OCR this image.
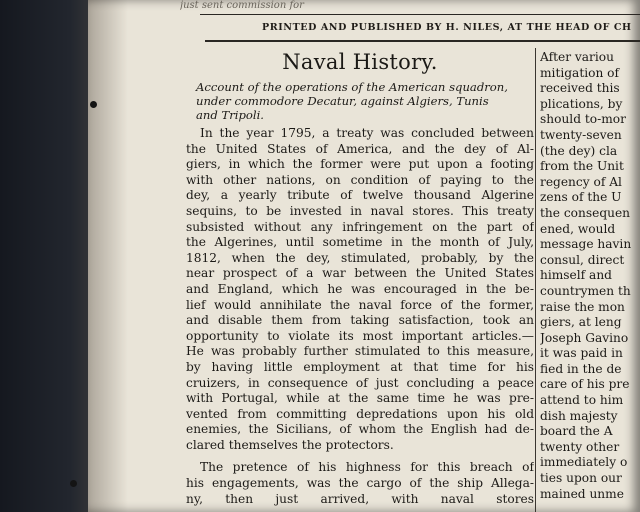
just sent commission for
PRINTED AND PUBLISHED BY H. NILES, AT THE HEAD OF CH
Naval History.
Account of the operations of the American squadron,
under commodore Decatur, against Algiers, Tunis
and Tripoli.
In the year 1795, a treaty was concluded between
the United States of America, and the dey of Al-
giers, in which the former were put upon a footing
with other nations, on condition of paying to the
dey, a yearly tribute of twelve thousand Algerine
sequins, to be invested in naval stores. This treaty
subsisted without any infringement on the part of
the Algerines, until sometime in the month of July,
1812, when the dey, stimulated, probably, by the
near prospect of a war between the United States
and England, which he was encouraged in the be-
lief would annihilate the naval force of the former,
and disable them from taking satisfaction, took an
opportunity to violate its most important articles.—
He was probably further stimulated to this measure,
by having little employment at that time for his
cruizers, in consequence of just concluding a peace
with Portugal, while at the same time he was pre-
vented from committing depredations upon his old
enemies, the Sicilians, of whom the English had de-
clared themselves the protectors.
The pretence of his highness for this breach of
his engagements, was the cargo of the ship Allega-
ny, then just arrived, with naval stores
After variou
mitigation of
received this
plications, by
should to-mor
twenty-seven
(the dey) cla
from the Unit
regency of Al
zens of the U
the consequen
ened, would
message havin
consul, direct
himself and
countrymen th
raise the mon
giers, at leng
Joseph Gavino
it was paid in
fied in the de
care of his pre
attend to him
dish majesty
board the A
twenty other
immediately o
ties upon our
mained unme
